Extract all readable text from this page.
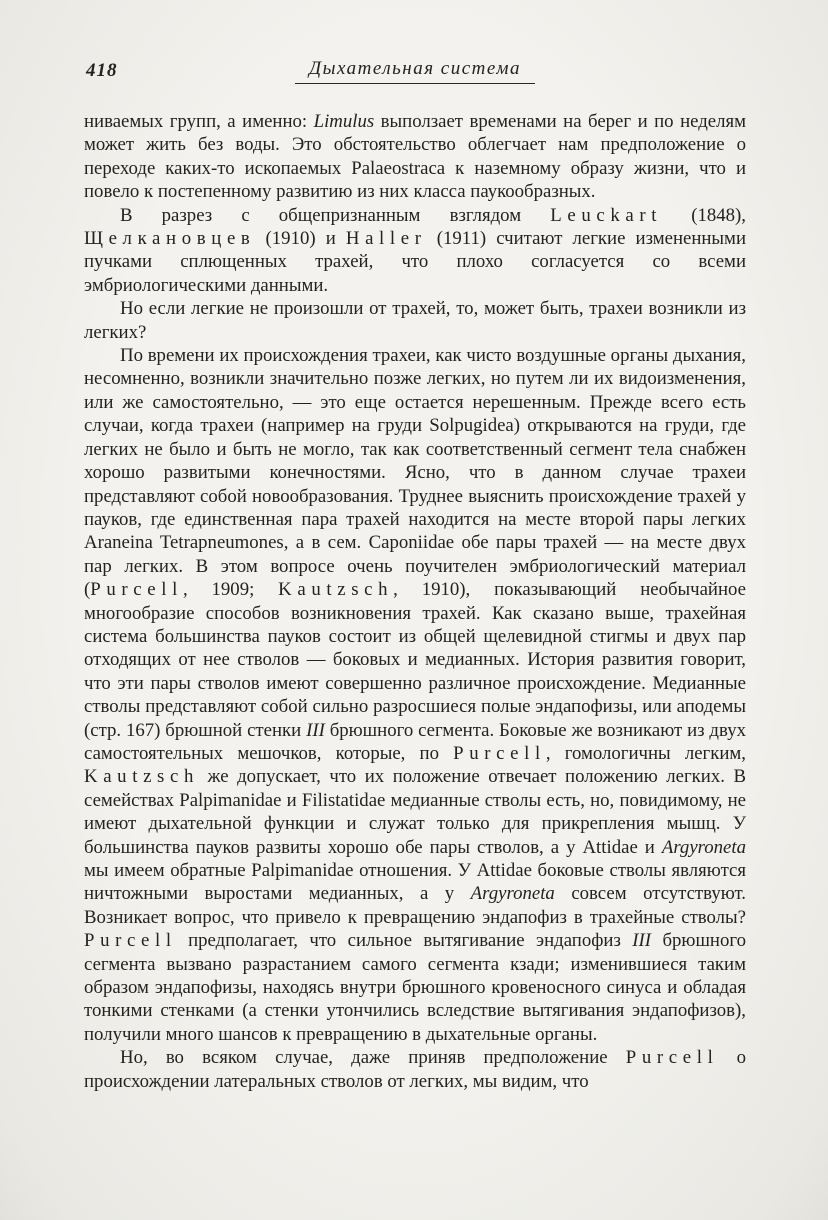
418	Дыхательная система

ниваемых групп, а именно: Limulus выползает временами на берег и по неделям может жить без воды. Это обстоятельство облегчает нам предположение о переходе каких-то ископаемых Palaeostraca к наземному образу жизни, что и повело к постепенному развитию из них класса паукообразных.

В разрез с общепризнанным взглядом Leuckart (1848), Щелкановцев (1910) и Haller (1911) считают легкие измененными пучками сплющенных трахей, что плохо согласуется со всеми эмбриологическими данными.

Но если легкие не произошли от трахей, то, может быть, трахеи возникли из легких?

По времени их происхождения трахеи, как чисто воздушные органы дыхания, несомненно, возникли значительно позже легких, но путем ли их видоизменения, или же самостоятельно, — это еще остается нерешенным. Прежде всего есть случаи, когда трахеи (например на груди Solpugidea) открываются на груди, где легких не было и быть не могло, так как соответственный сегмент тела снабжен хорошо развитыми конечностями. Ясно, что в данном случае трахеи представляют собой новообразования. Труднее выяснить происхождение трахей у пауков, где единственная пара трахей находится на месте второй пары легких Araneina Tetrapneumones, а в сем. Caponiidae обе пары трахей — на месте двух пар легких. В этом вопросе очень поучителен эмбриологический материал (Purcell, 1909; Kautzsch, 1910), показывающий необычайное многообразие способов возникновения трахей. Как сказано выше, трахейная система большинства пауков состоит из общей щелевидной стигмы и двух пар отходящих от нее стволов — боковых и медианных. История развития говорит, что эти пары стволов имеют совершенно различное происхождение. Медианные стволы представляют собой сильно разросшиеся полые эндапофизы, или аподемы (стр. 167) брюшной стенки III брюшного сегмента. Боковые же возникают из двух самостоятельных мешочков, которые, по Purcell, гомологичны легким, Kautzsch же допускает, что их положение отвечает положению легких. В семействах Palpimanidae и Filistatidae медианные стволы есть, но, повидимому, не имеют дыхательной функции и служат только для прикрепления мышц. У большинства пауков развиты хорошо обе пары стволов, а у Attidae и Argyroneta мы имеем обратные Palpimanidae отношения. У Attidae боковые стволы являются ничтожными выростами медианных, а у Argyroneta совсем отсутствуют. Возникает вопрос, что привело к превращению эндапофиз в трахейные стволы? Purcell предполагает, что сильное вытягивание эндапофиз III брюшного сегмента вызвано разрастанием самого сегмента кзади; изменившиеся таким образом эндапофизы, находясь внутри брюшного кровеносного синуса и обладая тонкими стенками (а стенки утончились вследствие вытягивания эндапофизов), получили много шансов к превращению в дыхательные органы.

Но, во всяком случае, даже приняв предположение Purcell о происхождении латеральных стволов от легких, мы видим, что
